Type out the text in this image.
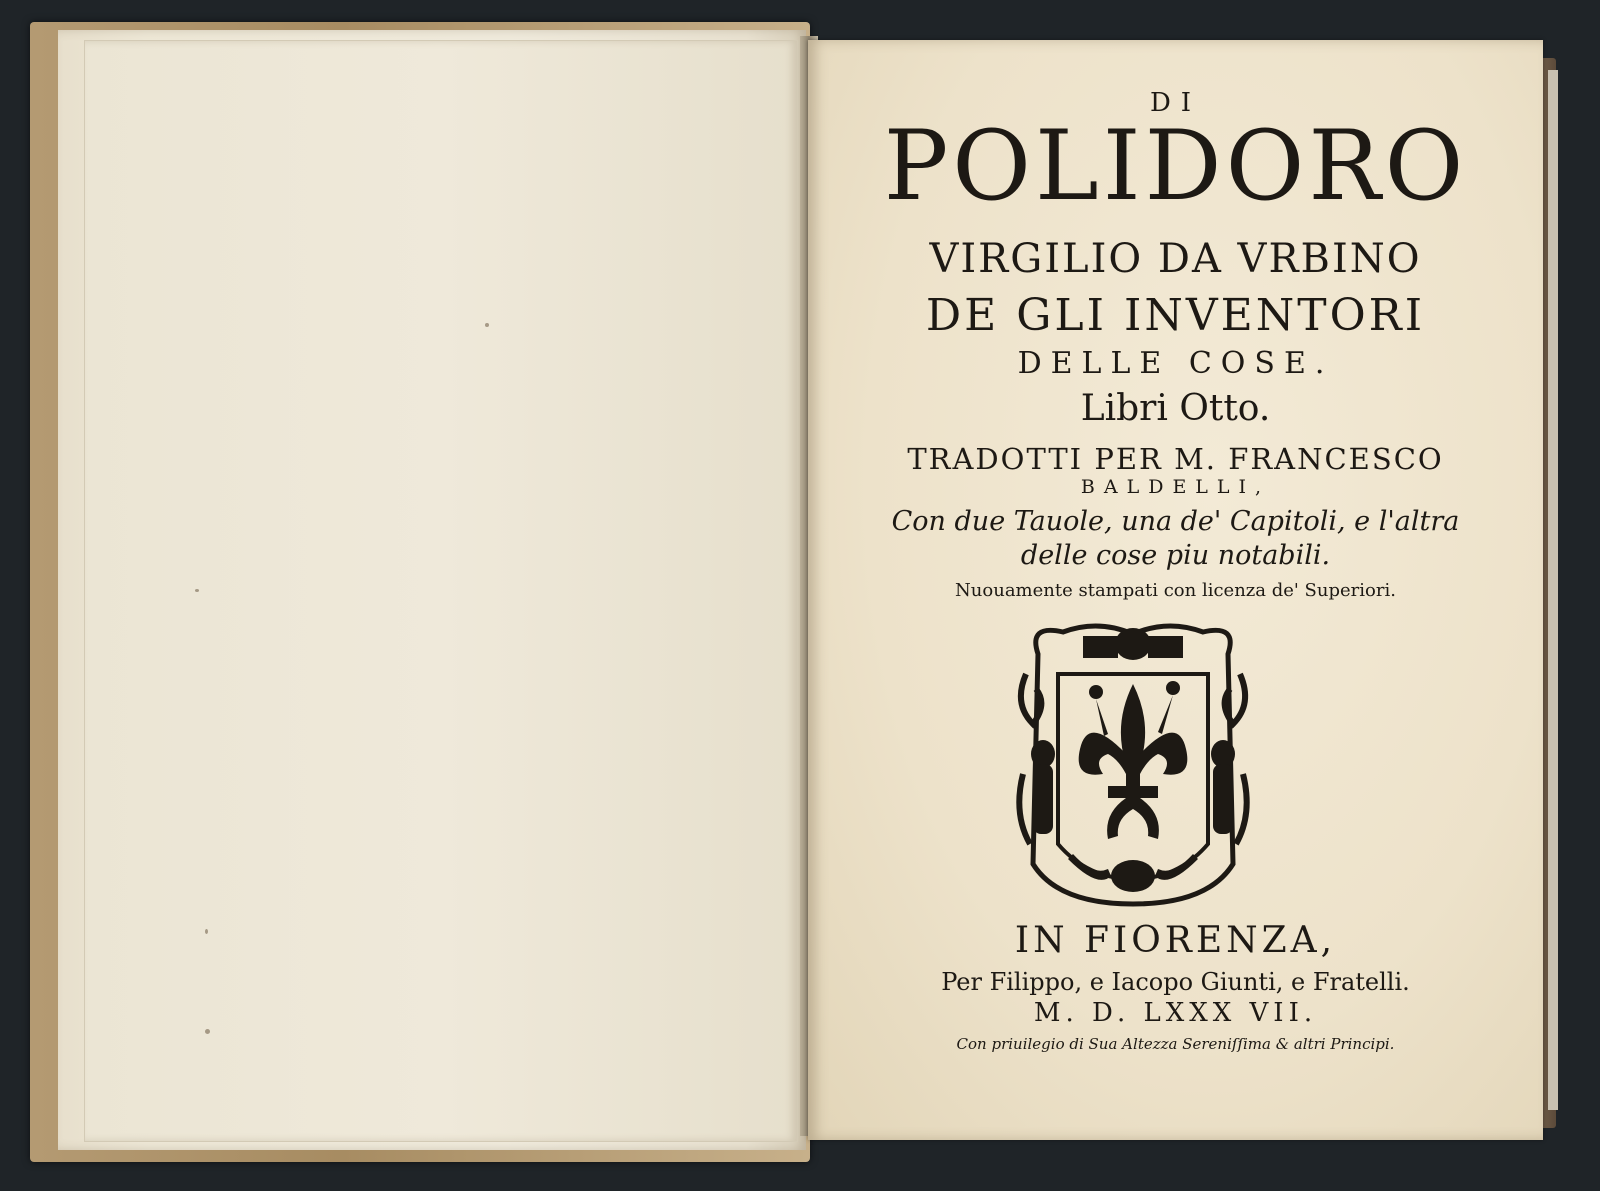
DI
POLIDORO
VIRGILIO DA VRBINO
DE GLI INVENTORI
DELLE COSE.
Libri Otto.
TRADOTTI PER M. FRANCESCO
BALDELLI,
Con due Tauole, una de' Capitoli, e l'altra
delle cose piu notabili.
Nuouamente stampati con licenza de' Superiori.
IN FIORENZA,
Per Filippo, e Iacopo Giunti, e Fratelli.
M. D. LXXX VII.
Con priuilegio di Sua Altezza Sereniſſima & altri Principi.
